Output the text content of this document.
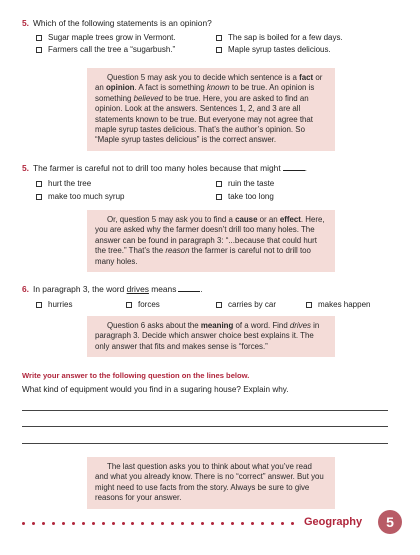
5. Which of the following statements is an opinion?
Sugar maple trees grow in Vermont.	The sap is boiled for a few days.
Farmers call the tree a “sugarbush.”	Maple syrup tastes delicious.

Question 5 may ask you to decide which sentence is a fact or an opinion. A fact is something known to be true. An opinion is something believed to be true. Here, you are asked to find an opinion. Look at the answers. Sentences 1, 2, and 3 are all statements known to be true. But everyone may not agree that maple syrup tastes delicious. That’s the author’s opinion. So “Maple syrup tastes delicious” is the correct answer.

5. The farmer is careful not to drill too many holes because that might	.
hurt the tree	ruin the taste
make too much syrup	take too long

Or, question 5 may ask you to find a cause or an effect. Here, you are asked why the farmer doesn’t drill too many holes. The answer can be found in paragraph 3: “...because that could hurt the tree.” That’s the reason the farmer is careful not to drill too many holes.

6. In paragraph 3, the word drives means	.
hurries	forces	carries by car	makes happen

Question 6 asks about the meaning of a word. Find drives in paragraph 3. Decide which answer choice best explains it. The only answer that fits and makes sense is “forces.”

Write your answer to the following question on the lines below.
What kind of equipment would you find in a sugaring house? Explain why.

The last question asks you to think about what you’ve read and what you already know. There is no “correct” answer. But you might need to use facts from the story. Always be sure to give reasons for your answer.

Geography	5
